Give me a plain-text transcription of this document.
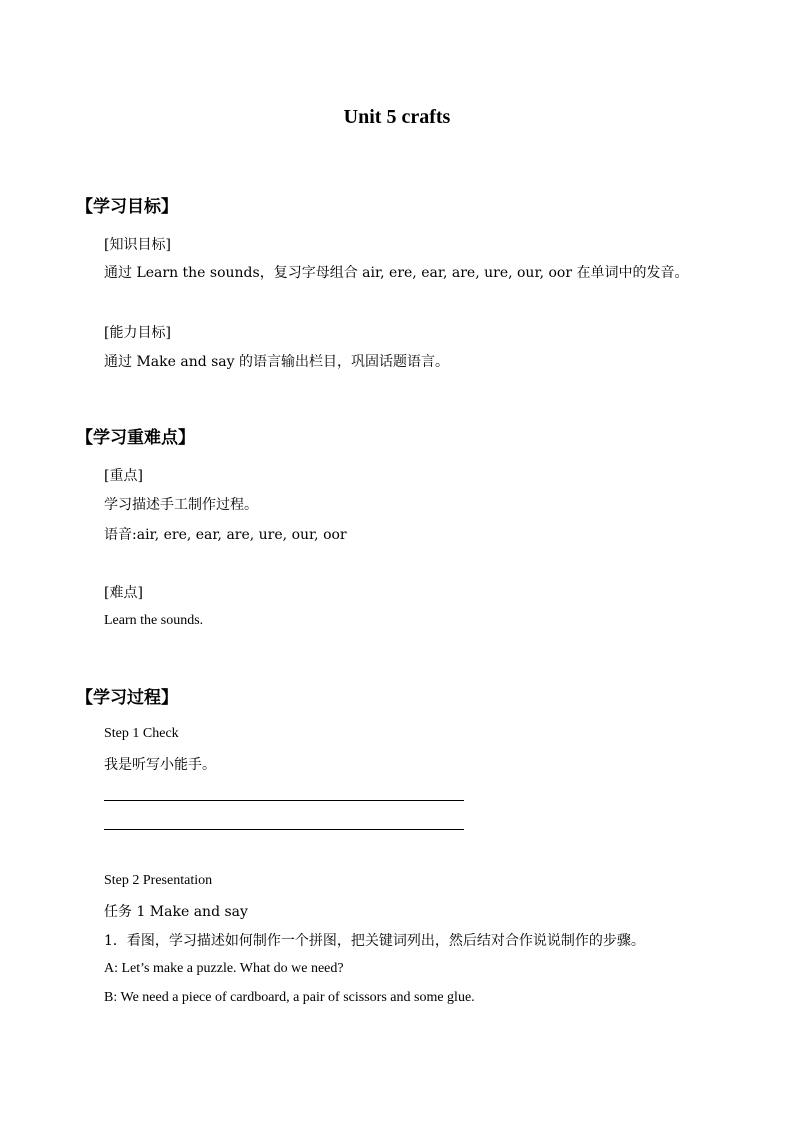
Unit 5 crafts
【学习目标】
[知识目标]
通过 Learn the sounds，复习字母组合 air, ere, ear, are, ure, our, oor 在单词中的发音。
[能力目标]
通过 Make and say 的语言输出栏目，巩固话题语言。
【学习重难点】
[重点]
学习描述手工制作过程。
语音:air, ere, ear, are, ure, our, oor
[难点]
Learn the sounds.
【学习过程】
Step 1 Check
我是听写小能手。
Step 2 Presentation
任务 1 Make and say
1．看图，学习描述如何制作一个拼图，把关键词列出，然后结对合作说说制作的步骤。
A: Let’s make a puzzle. What do we need?
B: We need a piece of cardboard, a pair of scissors and some glue.
